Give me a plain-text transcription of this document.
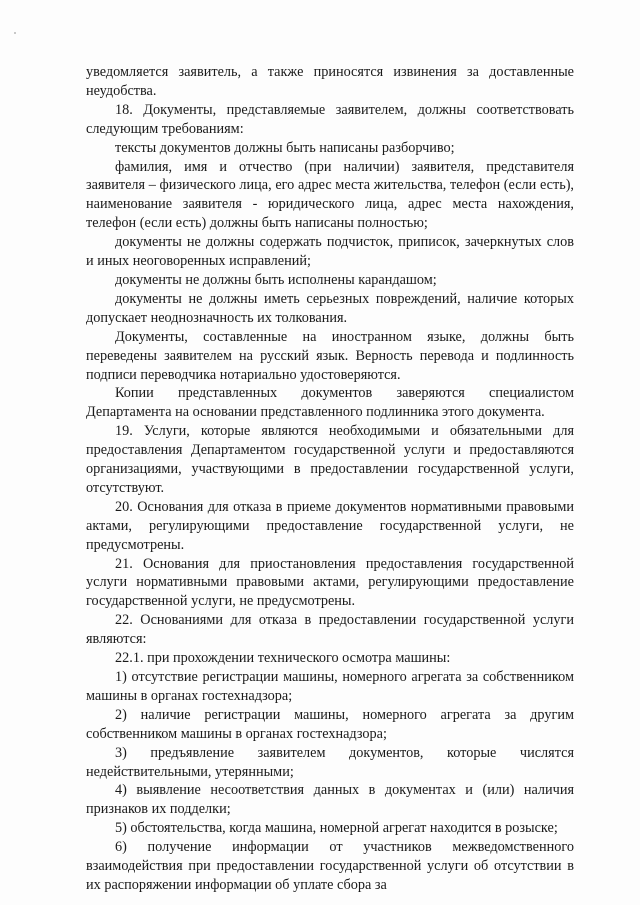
уведомляется заявитель, а также приносятся извинения за доставленные неудобства.

18. Документы, представляемые заявителем, должны соответствовать следующим требованиям:

тексты документов должны быть написаны разборчиво;

фамилия, имя и отчество (при наличии) заявителя, представителя заявителя – физического лица, его адрес места жительства, телефон (если есть), наименование заявителя - юридического лица, адрес места нахождения, телефон (если есть) должны быть написаны полностью;

документы не должны содержать подчисток, приписок, зачеркнутых слов и иных неоговоренных исправлений;

документы не должны быть исполнены карандашом;

документы не должны иметь серьезных повреждений, наличие которых допускает неоднозначность их толкования.

Документы, составленные на иностранном языке, должны быть переведены заявителем на русский язык. Верность перевода и подлинность подписи переводчика нотариально удостоверяются.

Копии представленных документов заверяются специалистом Департамента на основании представленного подлинника этого документа.

19. Услуги, которые являются необходимыми и обязательными для предоставления Департаментом государственной услуги и предоставляются организациями, участвующими в предоставлении государственной услуги, отсутствуют.

20. Основания для отказа в приеме документов нормативными правовыми актами, регулирующими предоставление государственной услуги, не предусмотрены.

21. Основания для приостановления предоставления государственной услуги нормативными правовыми актами, регулирующими предоставление государственной услуги, не предусмотрены.

22. Основаниями для отказа в предоставлении государственной услуги являются:

22.1. при прохождении технического осмотра машины:

1) отсутствие регистрации машины, номерного агрегата за собственником машины в органах гостехнадзора;

2) наличие регистрации машины, номерного агрегата за другим собственником машины в органах гостехнадзора;

3) предъявление заявителем документов, которые числятся недействительными, утерянными;

4) выявление несоответствия данных в документах и (или) наличия признаков их подделки;

5) обстоятельства, когда машина, номерной агрегат находится в розыске;

6) получение информации от участников межведомственного взаимодействия при предоставлении государственной услуги об отсутствии в их распоряжении информации об уплате сбора за
